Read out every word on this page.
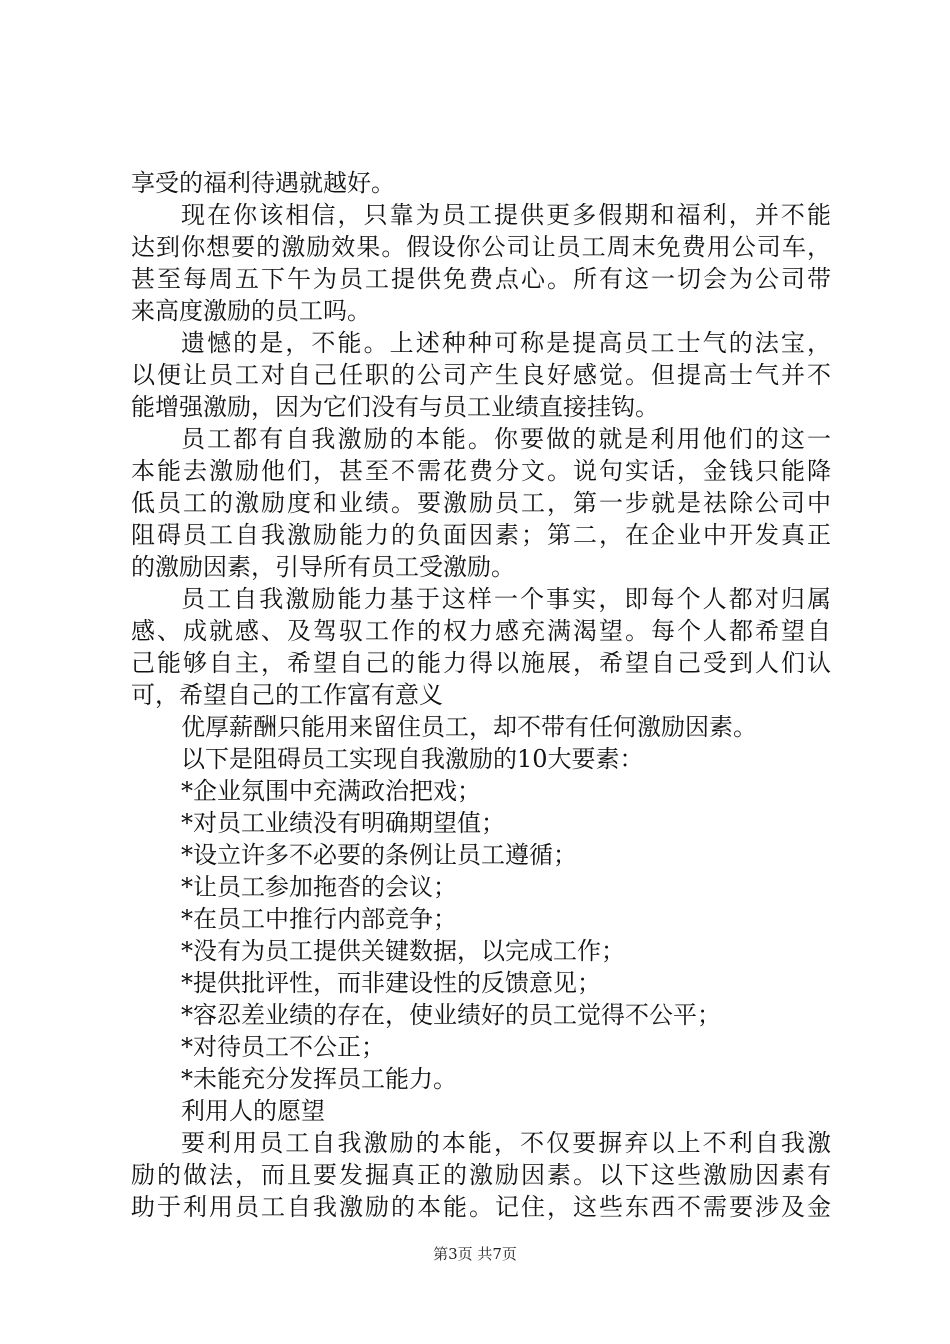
享受的福利待遇就越好。
现在你该相信，只靠为员工提供更多假期和福利，并不能
达到你想要的激励效果。假设你公司让员工周末免费用公司车，
甚至每周五下午为员工提供免费点心。所有这一切会为公司带
来高度激励的员工吗。
遗憾的是，不能。上述种种可称是提高员工士气的法宝，
以便让员工对自己任职的公司产生良好感觉。但提高士气并不
能增强激励，因为它们没有与员工业绩直接挂钩。
员工都有自我激励的本能。你要做的就是利用他们的这一
本能去激励他们，甚至不需花费分文。说句实话，金钱只能降
低员工的激励度和业绩。要激励员工，第一步就是祛除公司中
阻碍员工自我激励能力的负面因素；第二，在企业中开发真正
的激励因素，引导所有员工受激励。
员工自我激励能力基于这样一个事实，即每个人都对归属
感、成就感、及驾驭工作的权力感充满渴望。每个人都希望自
己能够自主，希望自己的能力得以施展，希望自己受到人们认
可，希望自己的工作富有意义
优厚薪酬只能用来留住员工，却不带有任何激励因素。
以下是阻碍员工实现自我激励的10大要素：
*企业氛围中充满政治把戏；
*对员工业绩没有明确期望值；
*设立许多不必要的条例让员工遵循；
*让员工参加拖沓的会议；
*在员工中推行内部竞争；
*没有为员工提供关键数据，以完成工作；
*提供批评性，而非建设性的反馈意见；
*容忍差业绩的存在，使业绩好的员工觉得不公平；
*对待员工不公正；
*未能充分发挥员工能力。
利用人的愿望
要利用员工自我激励的本能，不仅要摒弃以上不利自我激
励的做法，而且要发掘真正的激励因素。以下这些激励因素有
助于利用员工自我激励的本能。记住，这些东西不需要涉及金
第3页 共7页
